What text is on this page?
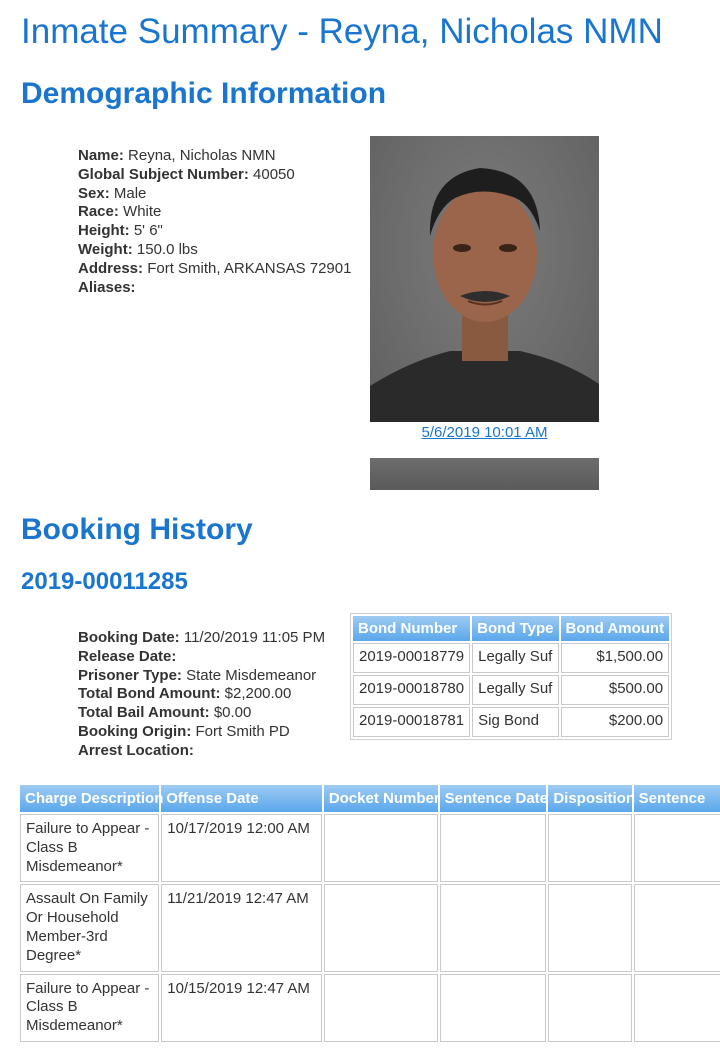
Inmate Summary - Reyna, Nicholas NMN
Demographic Information
Name: Reyna, Nicholas NMN
Global Subject Number: 40050
Sex: Male
Race: White
Height: 5' 6"
Weight: 150.0 lbs
Address: Fort Smith, ARKANSAS 72901
Aliases:
5/6/2019 10:01 AM
Booking History
2019-00011285
Booking Date: 11/20/2019 11:05 PM
Release Date:
Prisoner Type: State Misdemeanor
Total Bond Amount: $2,200.00
Total Bail Amount: $0.00
Booking Origin: Fort Smith PD
Arrest Location:
Bond Number	Bond Type	Bond Amount
2019-00018779	Legally Suf	$1,500.00
2019-00018780	Legally Suf	$500.00
2019-00018781	Sig Bond	$200.00
Charge Description	Offense Date	Docket Number	Sentence Date	Disposition	Sentence
Failure to Appear - Class B Misdemeanor*	10/17/2019 12:00 AM				
Assault On Family Or Household Member-3rd Degree*	11/21/2019 12:47 AM				
Failure to Appear - Class B Misdemeanor*	10/15/2019 12:47 AM				
